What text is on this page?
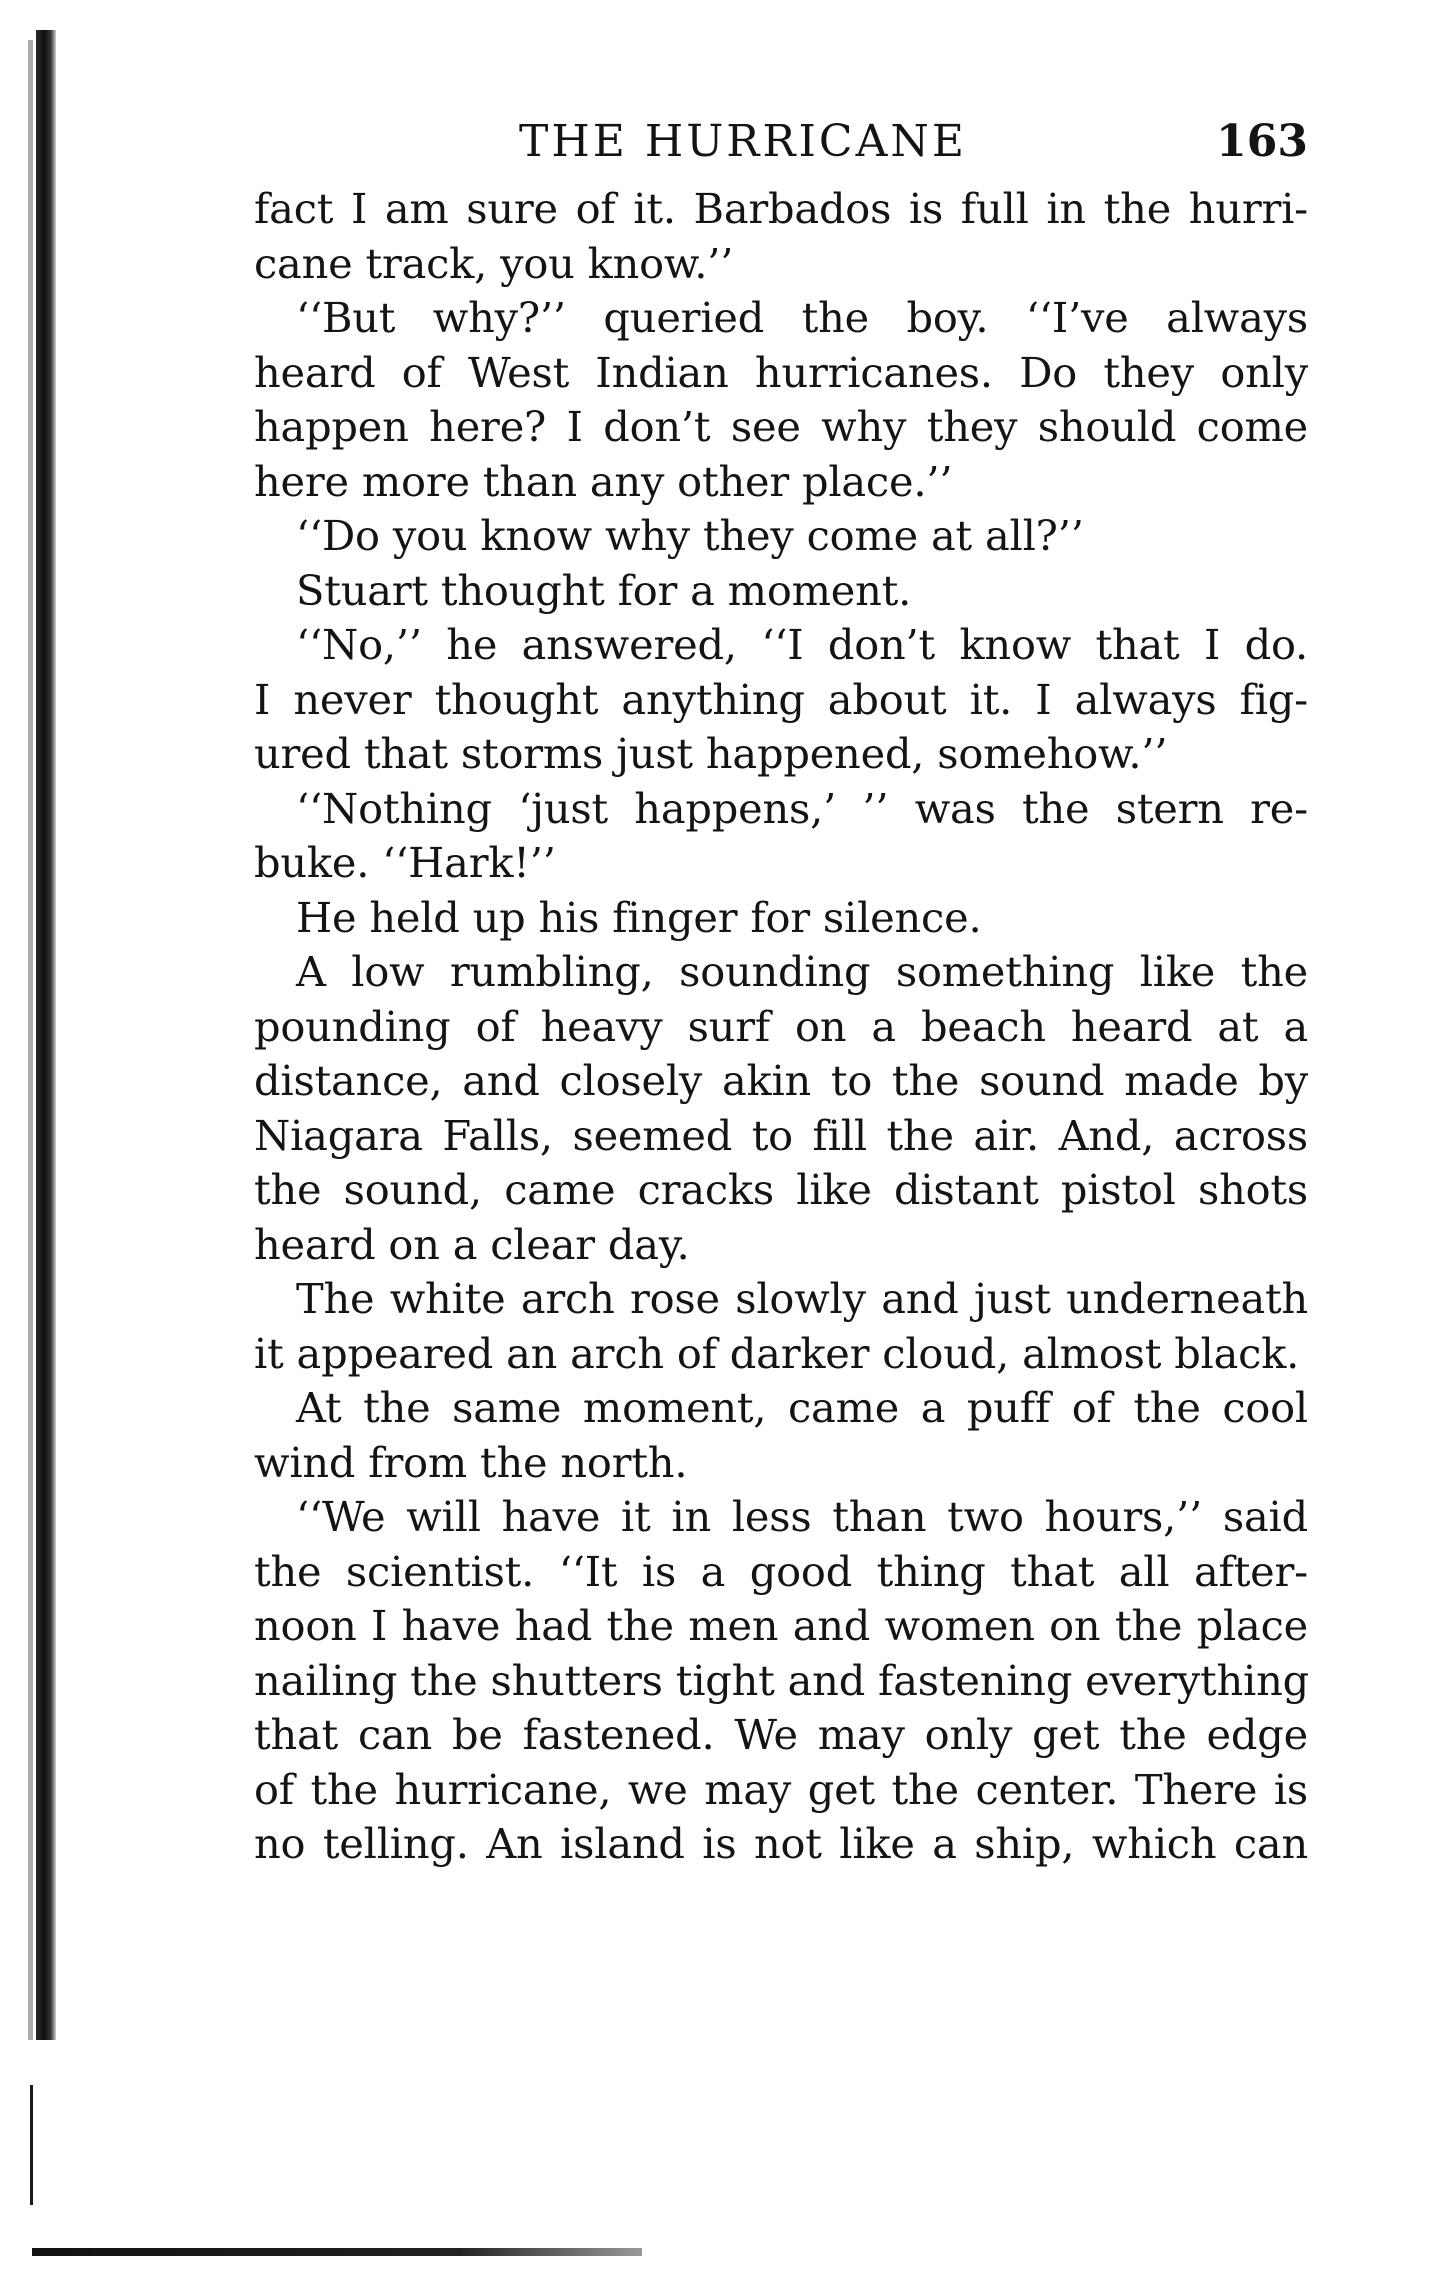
THE HURRICANE	163
fact I am sure of it. Barbados is full in the hurri-
cane track, you know.’’
‘‘But why?’’ queried the boy. ‘‘I’ve always
heard of West Indian hurricanes. Do they only
happen here? I don’t see why they should come
here more than any other place.’’
‘‘Do you know why they come at all?’’
Stuart thought for a moment.
‘‘No,’’ he answered, ‘‘I don’t know that I do.
I never thought anything about it. I always fig-
ured that storms just happened, somehow.’’
‘‘Nothing ‘just happens,’ ’’ was the stern re-
buke. ‘‘Hark!’’
He held up his finger for silence.
A low rumbling, sounding something like the
pounding of heavy surf on a beach heard at a
distance, and closely akin to the sound made by
Niagara Falls, seemed to fill the air. And, across
the sound, came cracks like distant pistol shots
heard on a clear day.
The white arch rose slowly and just underneath
it appeared an arch of darker cloud, almost black.
At the same moment, came a puff of the cool
wind from the north.
‘‘We will have it in less than two hours,’’ said
the scientist. ‘‘It is a good thing that all after-
noon I have had the men and women on the place
nailing the shutters tight and fastening everything
that can be fastened. We may only get the edge
of the hurricane, we may get the center. There is
no telling. An island is not like a ship, which can
